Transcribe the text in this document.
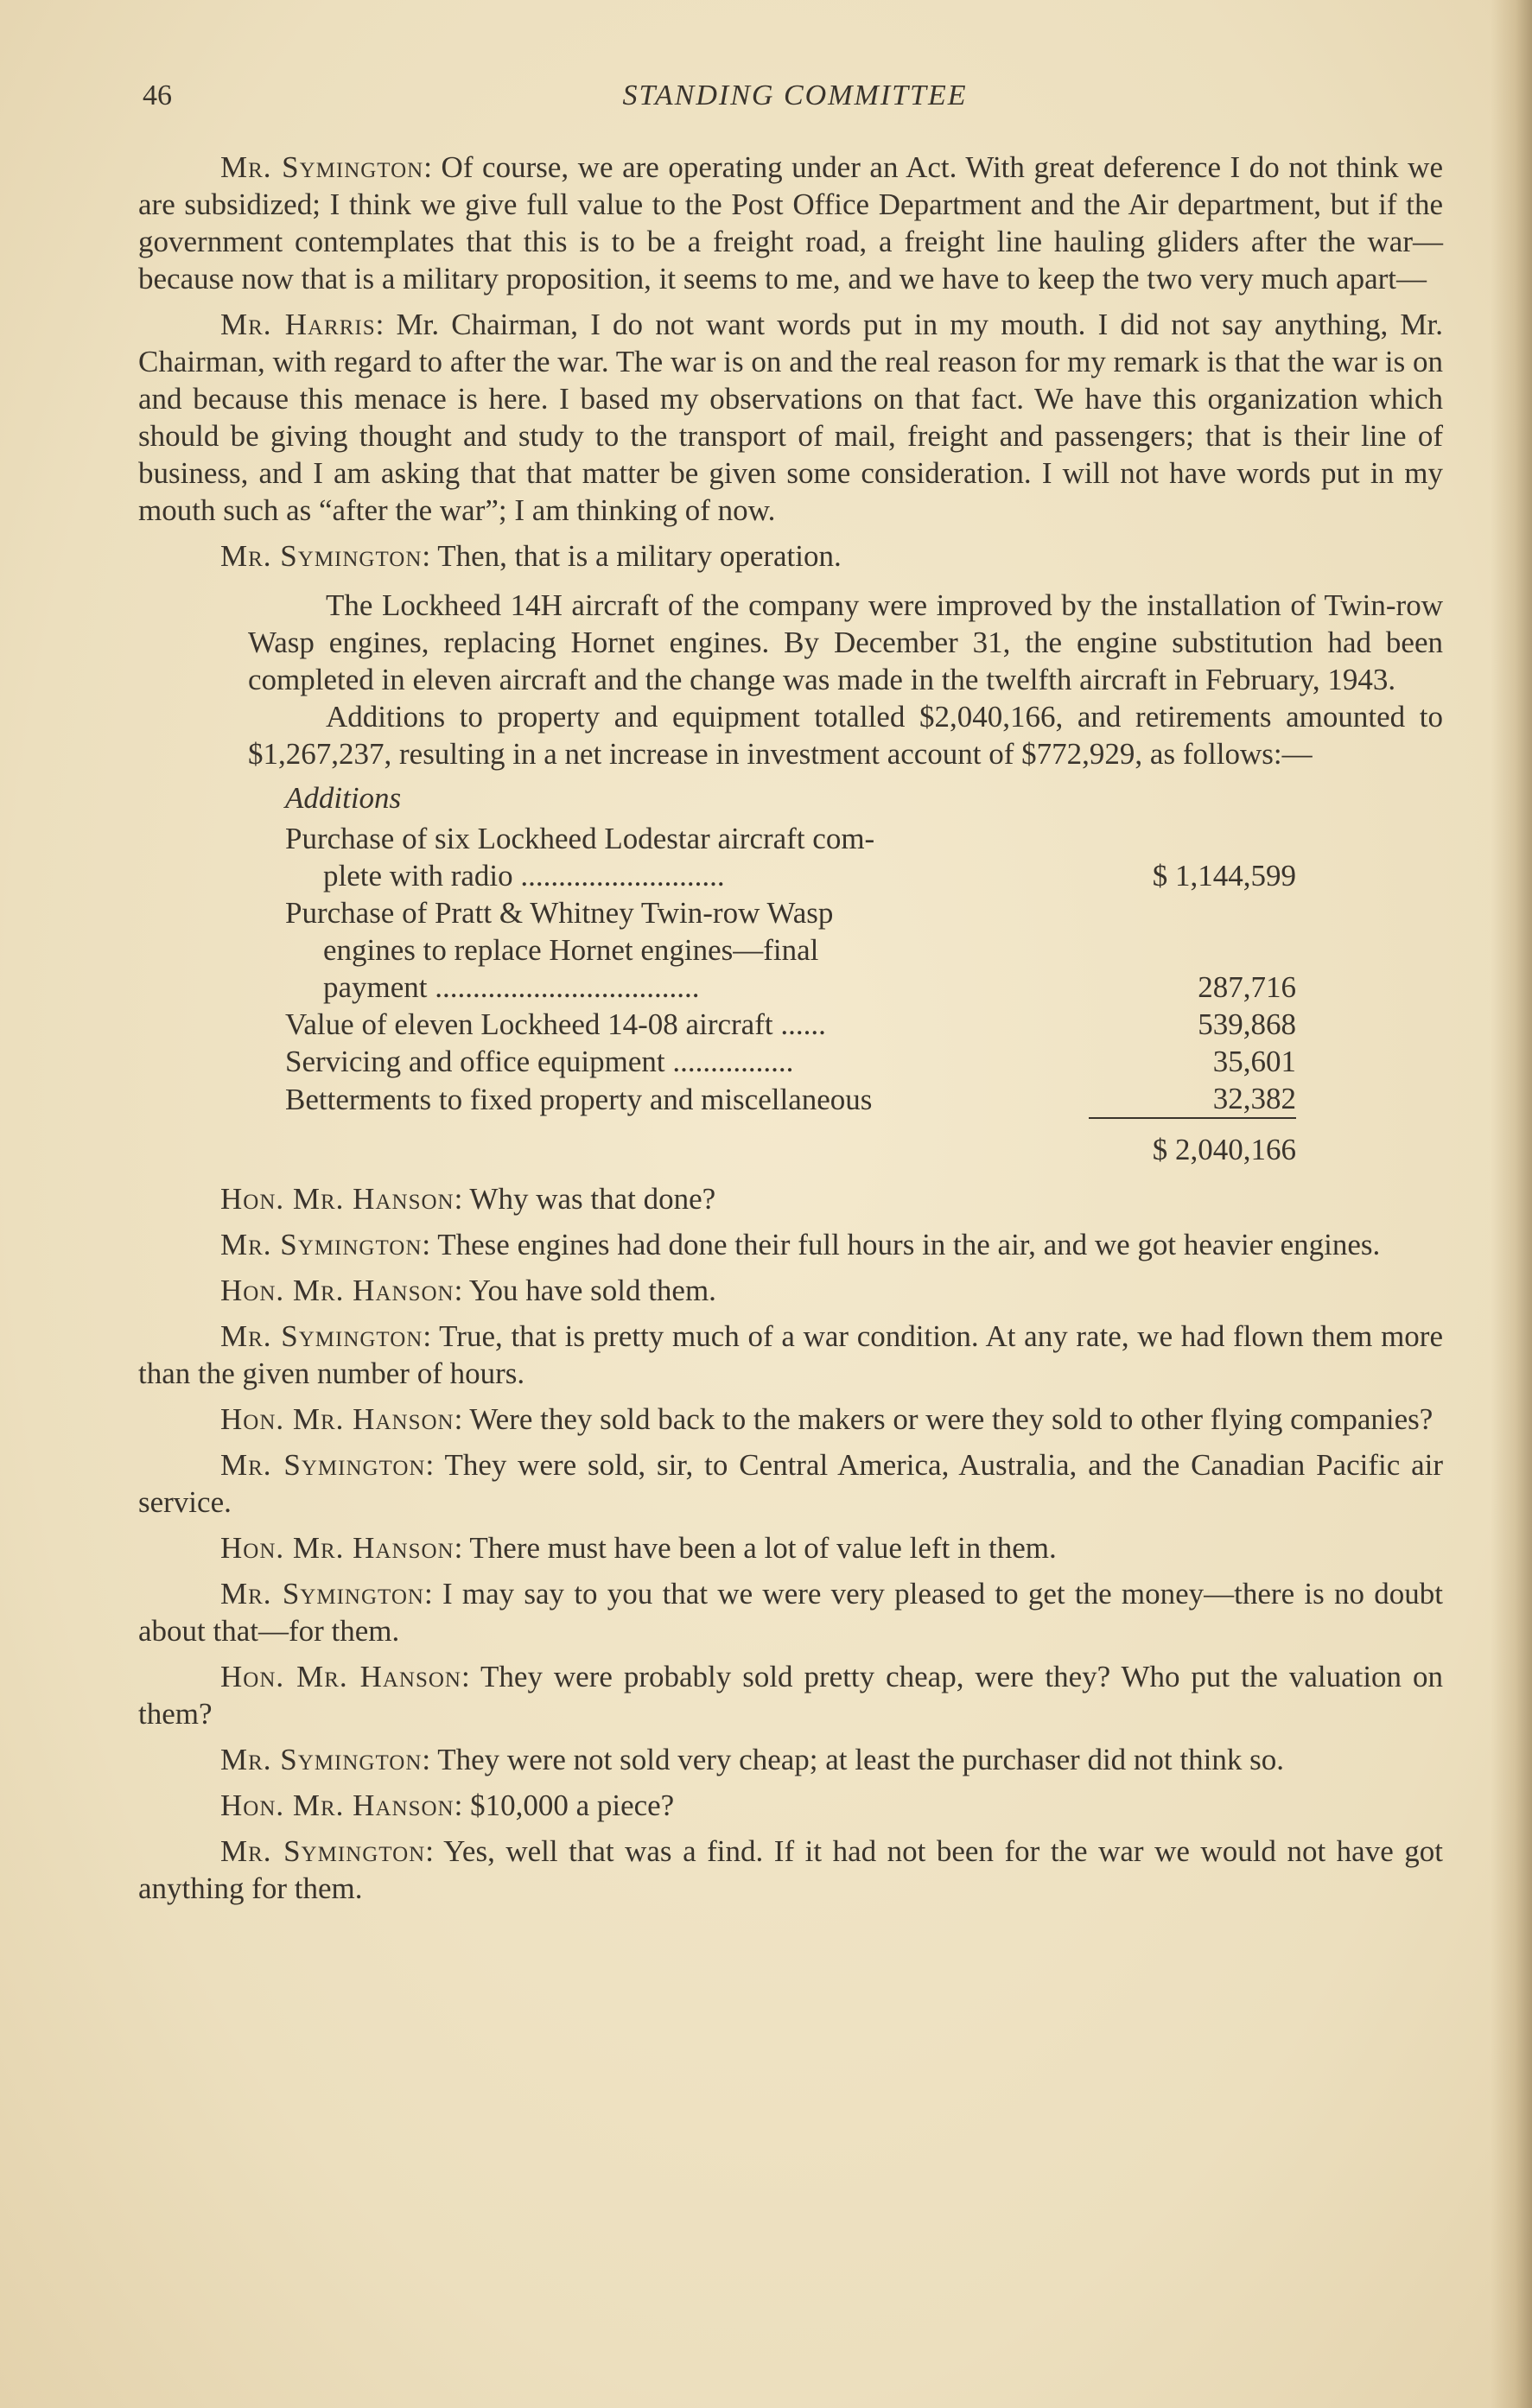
46	STANDING COMMITTEE

Mr. Symington: Of course, we are operating under an Act. With great deference I do not think we are subsidized; I think we give full value to the Post Office Department and the Air department, but if the government contemplates that this is to be a freight road, a freight line hauling gliders after the war—because now that is a military proposition, it seems to me, and we have to keep the two very much apart—

Mr. Harris: Mr. Chairman, I do not want words put in my mouth. I did not say anything, Mr. Chairman, with regard to after the war. The war is on and the real reason for my remark is that the war is on and because this menace is here. I based my observations on that fact. We have this organization which should be giving thought and study to the transport of mail, freight and passengers; that is their line of business, and I am asking that that matter be given some consideration. I will not have words put in my mouth such as “after the war”; I am thinking of now.

Mr. Symington: Then, that is a military operation.

The Lockheed 14H aircraft of the company were improved by the installation of Twin-row Wasp engines, replacing Hornet engines. By December 31, the engine substitution had been completed in eleven aircraft and the change was made in the twelfth aircraft in February, 1943.

Additions to property and equipment totalled $2,040,166, and retirements amounted to $1,267,237, resulting in a net increase in investment account of $772,929, as follows:—

Additions
Purchase of six Lockheed Lodestar aircraft com-
plete with radio ...........................	$ 1,144,599
Purchase of Pratt & Whitney Twin-row Wasp
engines to replace Hornet engines—final
payment ...................................	287,716
Value of eleven Lockheed 14-08 aircraft ......	539,868
Servicing and office equipment ................	35,601
Betterments to fixed property and miscellaneous	32,382
	$ 2,040,166

Hon. Mr. Hanson: Why was that done?

Mr. Symington: These engines had done their full hours in the air, and we got heavier engines.

Hon. Mr. Hanson: You have sold them.

Mr. Symington: True, that is pretty much of a war condition. At any rate, we had flown them more than the given number of hours.

Hon. Mr. Hanson: Were they sold back to the makers or were they sold to other flying companies?

Mr. Symington: They were sold, sir, to Central America, Australia, and the Canadian Pacific air service.

Hon. Mr. Hanson: There must have been a lot of value left in them.

Mr. Symington: I may say to you that we were very pleased to get the money—there is no doubt about that—for them.

Hon. Mr. Hanson: They were probably sold pretty cheap, were they? Who put the valuation on them?

Mr. Symington: They were not sold very cheap; at least the purchaser did not think so.

Hon. Mr. Hanson: $10,000 a piece?

Mr. Symington: Yes, well that was a find. If it had not been for the war we would not have got anything for them.
